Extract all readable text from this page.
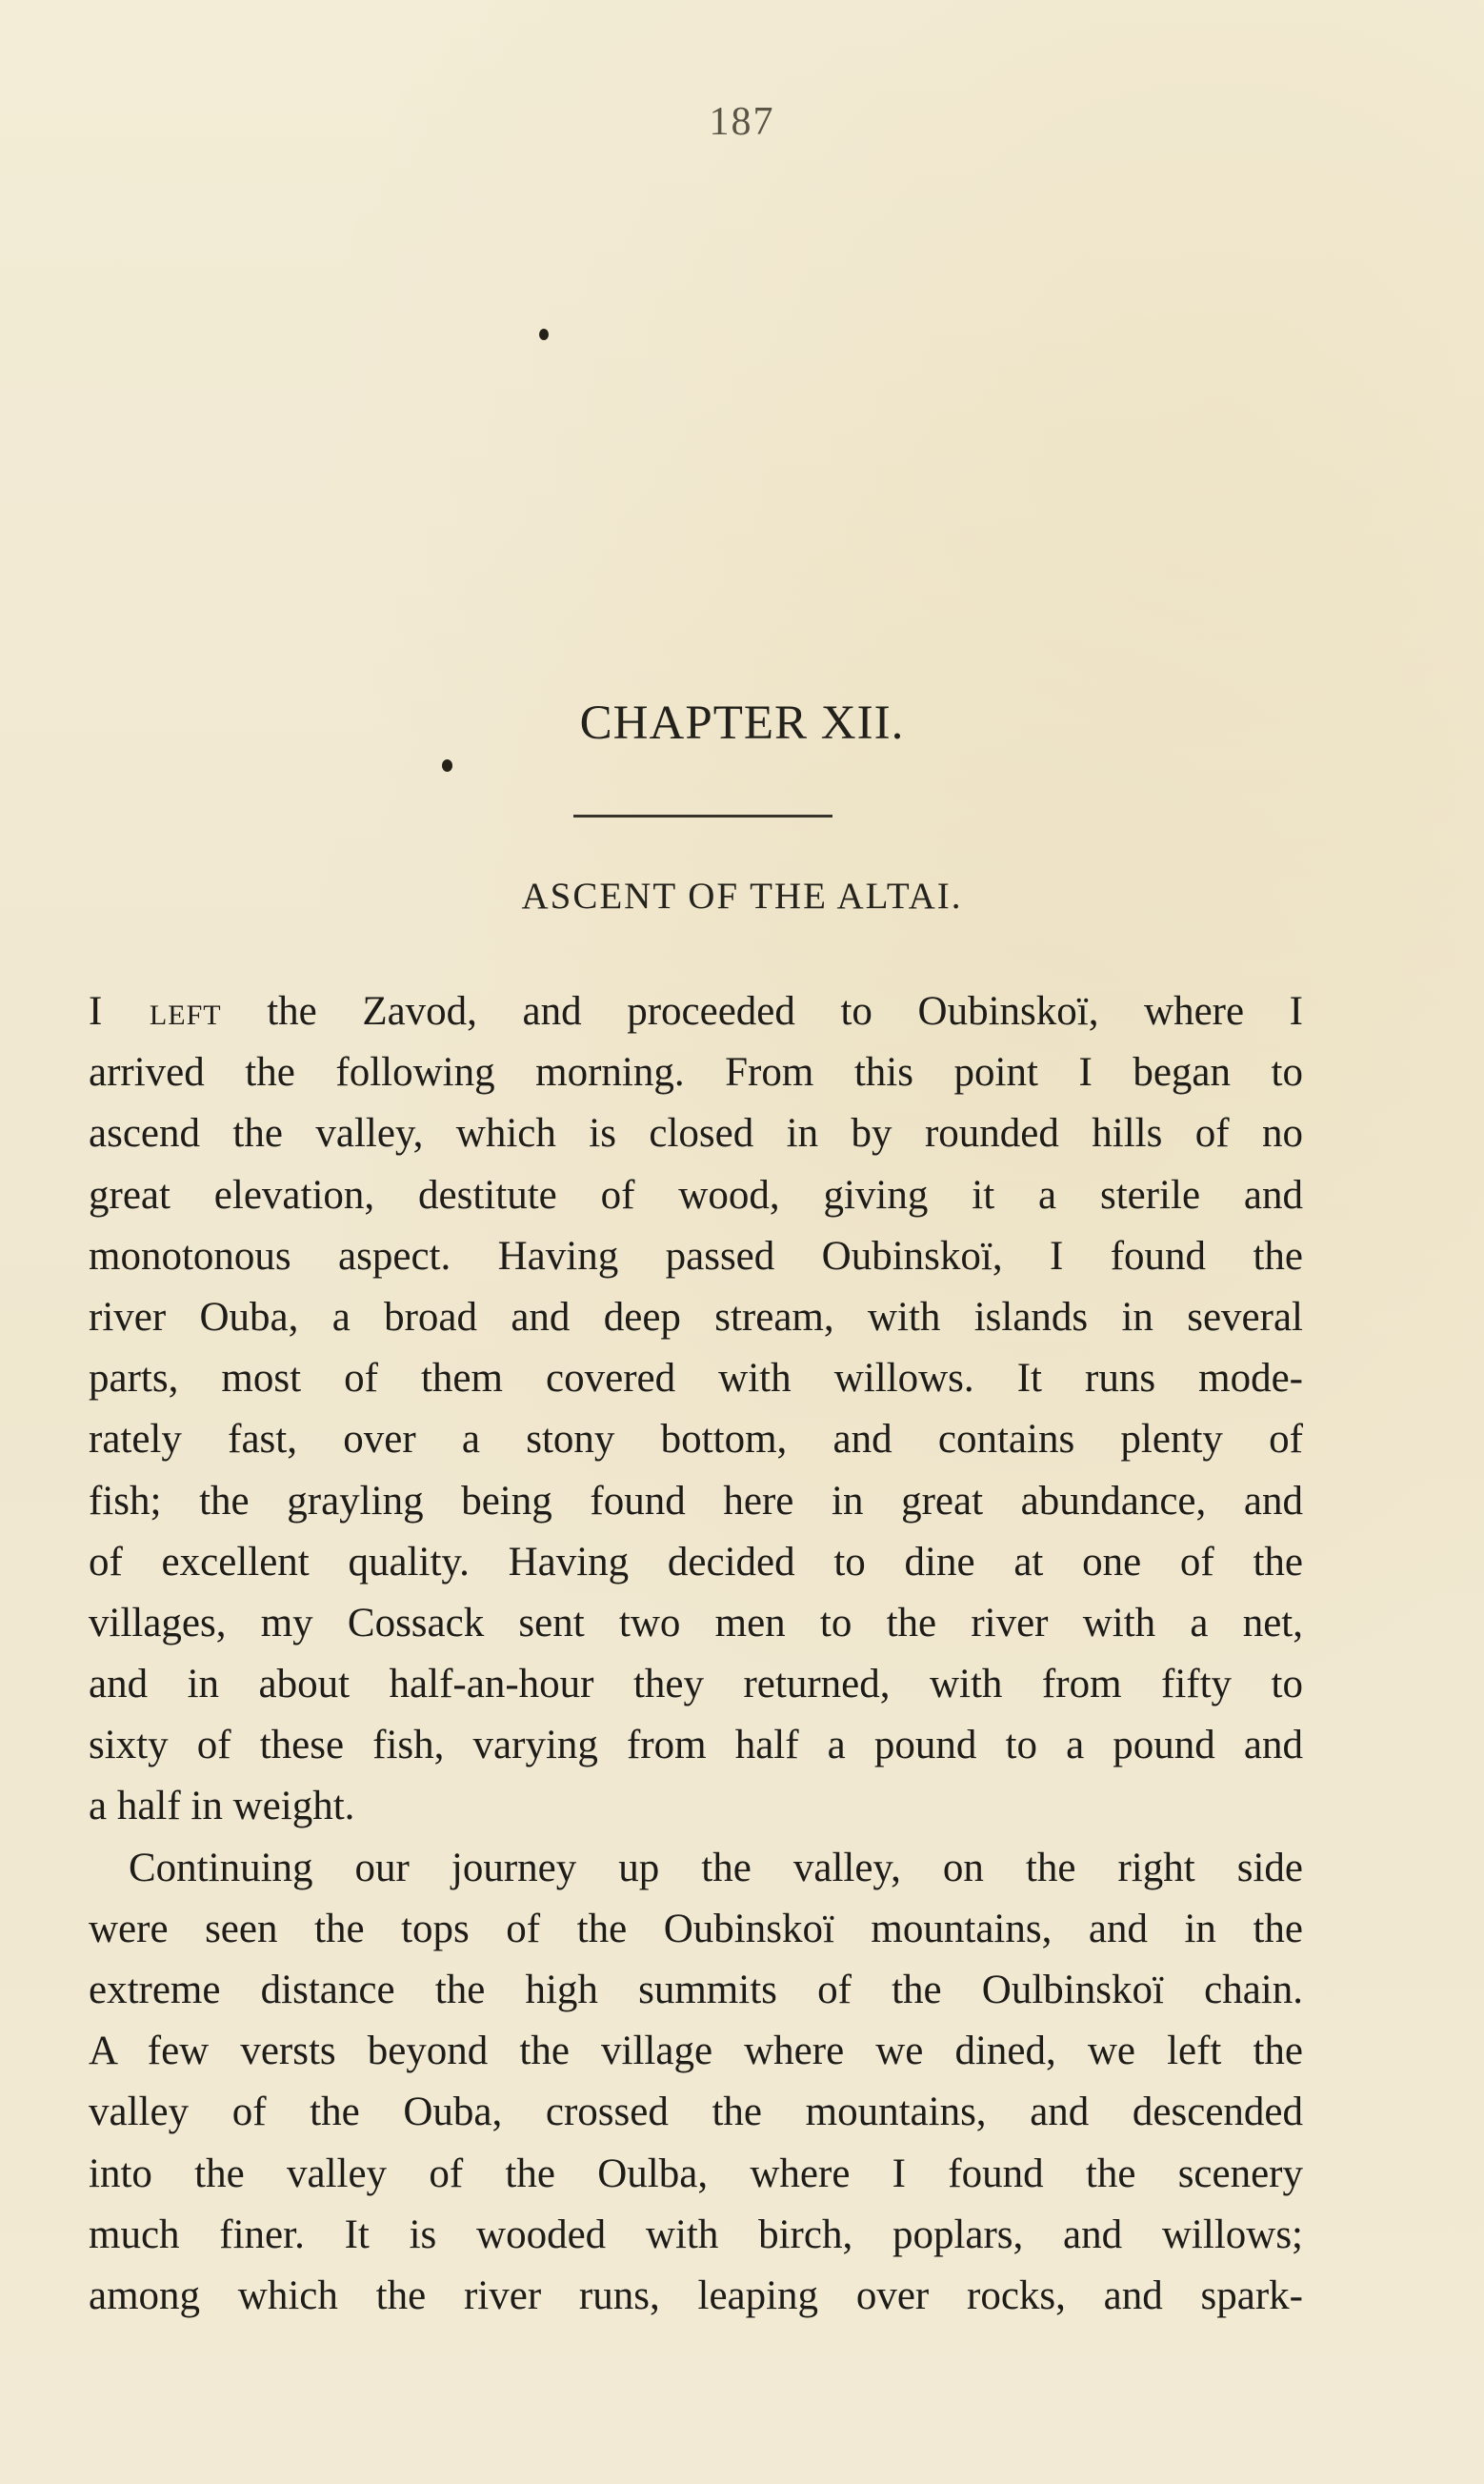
187
CHAPTER XII.
ASCENT OF THE ALTAI.
I left the Zavod, and proceeded to Oubinskoï, where I
arrived the following morning. From this point I began to
ascend the valley, which is closed in by rounded hills of no
great elevation, destitute of wood, giving it a sterile and
monotonous aspect. Having passed Oubinskoï, I found the
river Ouba, a broad and deep stream, with islands in several
parts, most of them covered with willows. It runs mode-
rately fast, over a stony bottom, and contains plenty of
fish; the grayling being found here in great abundance, and
of excellent quality. Having decided to dine at one of the
villages, my Cossack sent two men to the river with a net,
and in about half-an-hour they returned, with from fifty to
sixty of these fish, varying from half a pound to a pound and
a half in weight.
Continuing our journey up the valley, on the right side
were seen the tops of the Oubinskoï mountains, and in the
extreme distance the high summits of the Oulbinskoï chain.
A few versts beyond the village where we dined, we left the
valley of the Ouba, crossed the mountains, and descended
into the valley of the Oulba, where I found the scenery
much finer. It is wooded with birch, poplars, and willows;
among which the river runs, leaping over rocks, and spark-
